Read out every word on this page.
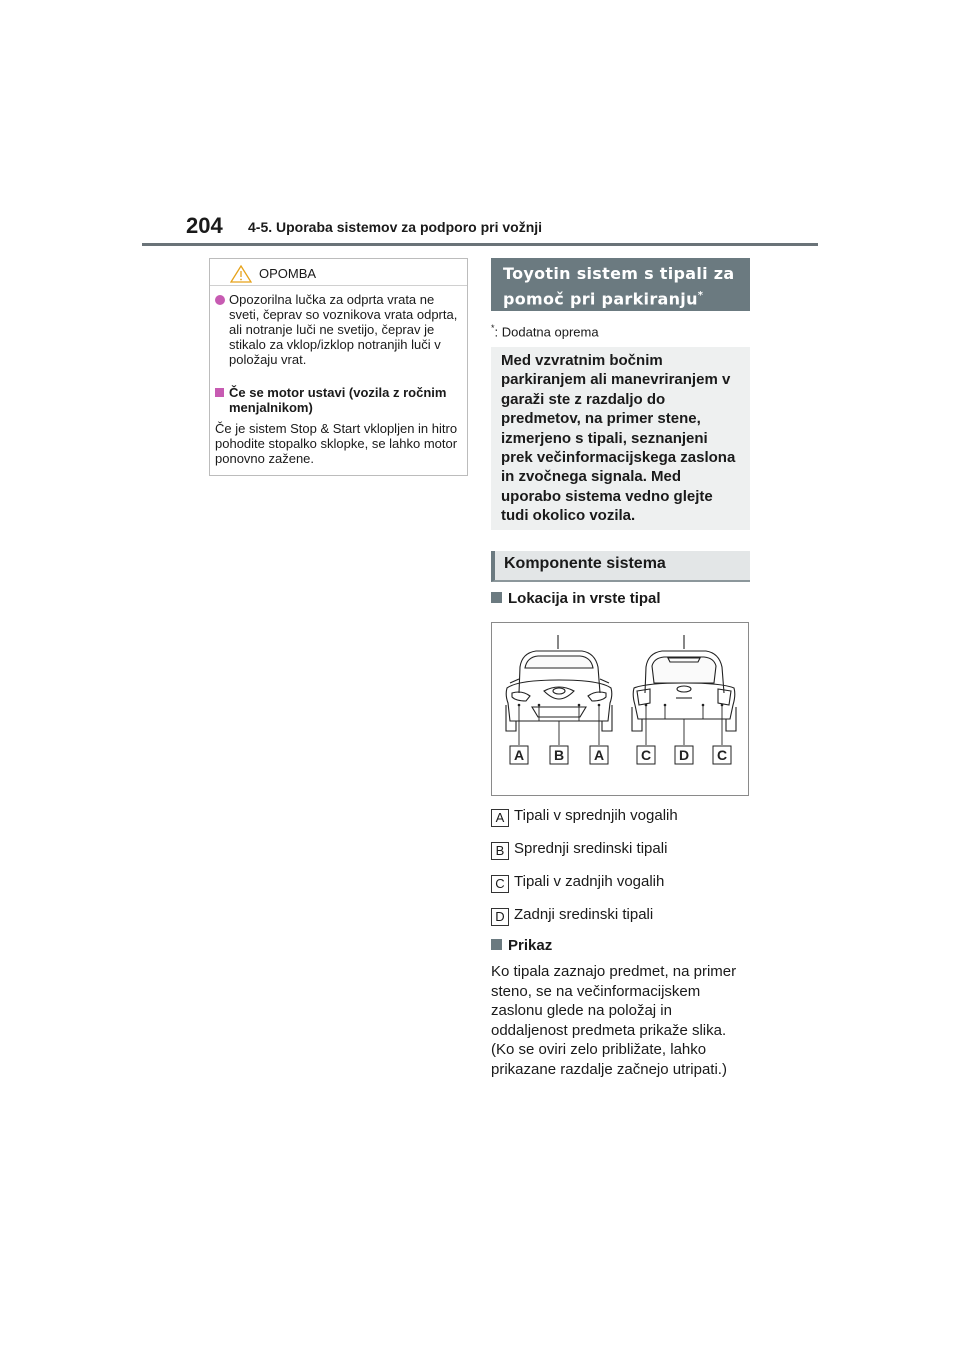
204 4-5. Uporaba sistemov za podporo pri vožnji
OPOMBA
Opozorilna lučka za odprta vrata ne sveti, čeprav so voznikova vrata odprta, ali notranje luči ne svetijo, čeprav je stikalo za vklop/izklop notranjih luči v položaju vrat.
Če se motor ustavi (vozila z ročnim menjalnikom)
Če je sistem Stop & Start vklopljen in hitro pohodite stopalko sklopke, se lahko motor ponovno zažene.
Toyotin sistem s tipali za
pomoč pri parkiranju*
*: Dodatna oprema
Med vzvratnim bočnim parkiranjem ali manevriranjem v garaži ste z razdaljo do predmetov, na primer stene, izmerjeno s tipali, seznanjeni prek večinformacijskega zaslona in zvočnega signala. Med uporabo sistema vedno glejte tudi okolico vozila.
Komponente sistema
Lokacija in vrste tipal
A B A	C D C
A Tipali v sprednjih vogalih
B Sprednji sredinski tipali
C Tipali v zadnjih vogalih
D Zadnji sredinski tipali
Prikaz
Ko tipala zaznajo predmet, na primer steno, se na večinformacijskem zaslonu glede na položaj in oddaljenost predmeta prikaže slika. (Ko se oviri zelo približate, lahko prikazane razdalje začnejo utripati.)
